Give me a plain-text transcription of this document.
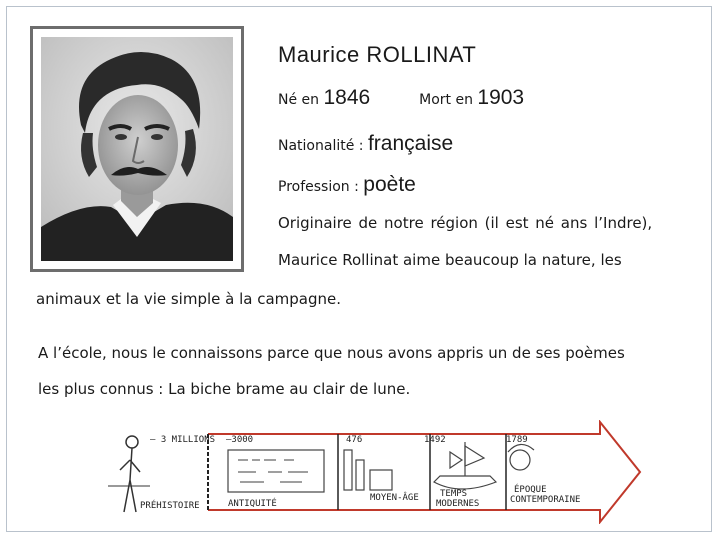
Maurice ROLLINAT
Né en 1846	Mort en 1903
Nationalité : française
Profession : poète
Originaire de notre région (il est né ans l’Indre),
Maurice Rollinat aime beaucoup la nature, les
animaux et la vie simple à la campagne.
A l’école, nous le connaissons parce que nous avons appris un de ses poèmes
les plus connus : La biche brame au clair de lune.
– 3 MILLIONS –3000	476	1492	1789
PRÉHISTOIRE	ANTIQUITÉ
MOYEN-ÂGE TEMPS
MODERNES
ÉPOQUE
CONTEMPORAINE
